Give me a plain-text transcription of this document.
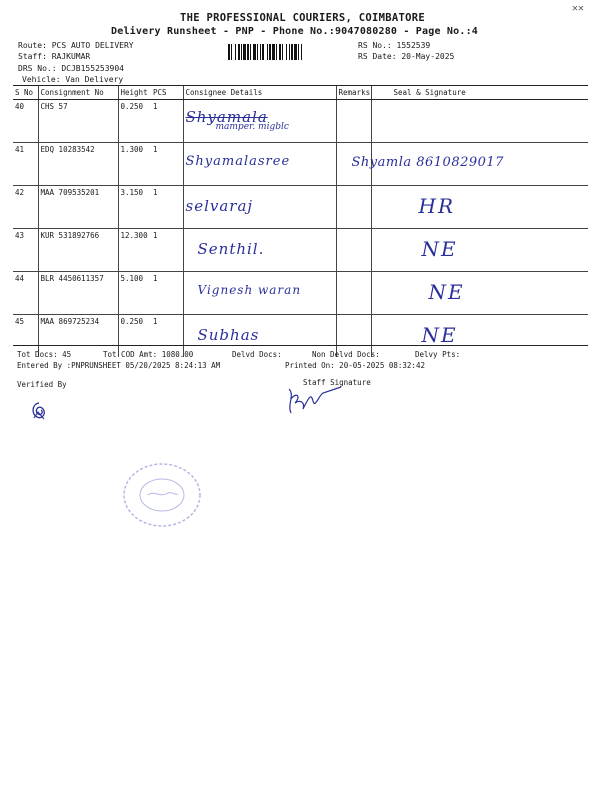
THE PROFESSIONAL COURIERS, COIMBATORE
Delivery Runsheet - PNP - Phone No.:9047080280 - Page No.:4
✕✕
Route: PCS AUTO DELIVERY
Staff: RAJKUMAR
DRS No.: DCJB155253904
Vehicle: Van Delivery
RS No.: 1552539
RS Date: 20-May-2025
S No	Consignment No	Height	PCS	Consignee Details	Remarks	Seal & Signature
40	CHS 57	0.250	1	Shyamala
mamper. migblc		

41	EDQ 10283542	1.300	1	Shyamalasree		Shyamla 8610829017

42	MAA 709535201	3.150	1	selvaraj		HR

43	KUR 531892766	12.300	1	Senthil.		NE

44	BLR 4450611357	5.100	1	Vignesh waran		NE

45	MAA 869725234	0.250	1	Subhas		NE
Tot Docs: 45	Tot COD Amt: 1080.00	Delvd Docs:	Non Delvd Docs:	Delvy Pts:
Entered By :PNPRUNSHEET 05/20/2025 8:24:13 AM	Printed On: 20-05-2025 08:32:42
Verified By	Staff Signature
